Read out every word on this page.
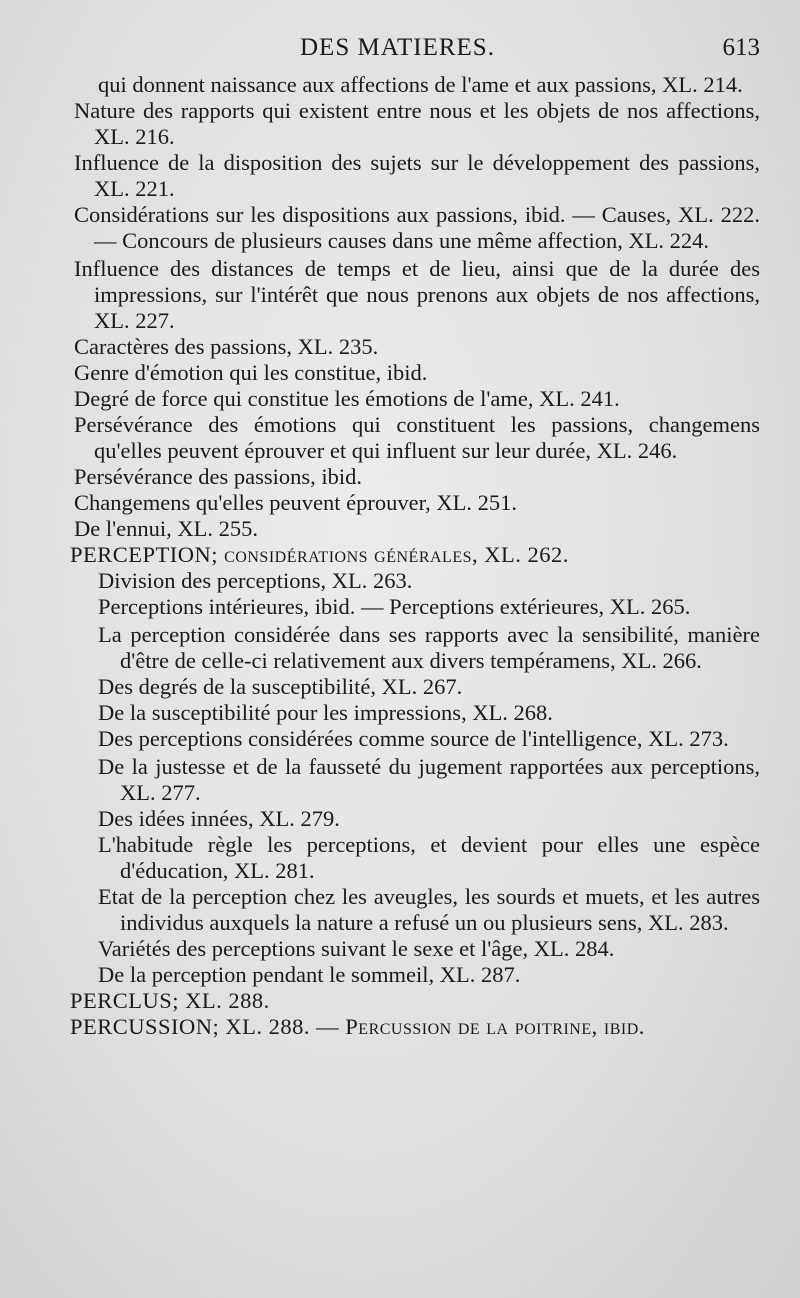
DES MATIERES.	613

qui donnent naissance aux affections de l'ame et aux passions, XL. 214.

Nature des rapports qui existent entre nous et les objets de nos affections, XL. 216.

Influence de la disposition des sujets sur le développement des passions, XL. 221.

Considérations sur les dispositions aux passions, ibid. — Causes, XL. 222. — Concours de plusieurs causes dans une même affection, XL. 224.

Influence des distances de temps et de lieu, ainsi que de la durée des impressions, sur l'intérêt que nous prenons aux objets de nos affections, XL. 227.

Caractères des passions, XL. 235.

Genre d'émotion qui les constitue, ibid.

Degré de force qui constitue les émotions de l'ame, XL. 241.

Persévérance des émotions qui constituent les passions, changemens qu'elles peuvent éprouver et qui influent sur leur durée, XL. 246.

Persévérance des passions, ibid.

Changemens qu'elles peuvent éprouver, XL. 251.

De l'ennui, XL. 255.

PERCEPTION; considérations générales, XL. 262.

Division des perceptions, XL. 263.

Perceptions intérieures, ibid. — Perceptions extérieures, XL. 265.

La perception considérée dans ses rapports avec la sensibilité, manière d'être de celle-ci relativement aux divers tempéramens, XL. 266.

Des degrés de la susceptibilité, XL. 267.

De la susceptibilité pour les impressions, XL. 268.

Des perceptions considérées comme source de l'intelligence, XL. 273.

De la justesse et de la fausseté du jugement rapportées aux perceptions, XL. 277.

Des idées innées, XL. 279.

L'habitude règle les perceptions, et devient pour elles une espèce d'éducation, XL. 281.

Etat de la perception chez les aveugles, les sourds et muets, et les autres individus auxquels la nature a refusé un ou plusieurs sens, XL. 283.

Variétés des perceptions suivant le sexe et l'âge, XL. 284.

De la perception pendant le sommeil, XL. 287.

PERCLUS; XL. 288.

PERCUSSION; XL. 288. — Percussion de la poitrine, ibid.
